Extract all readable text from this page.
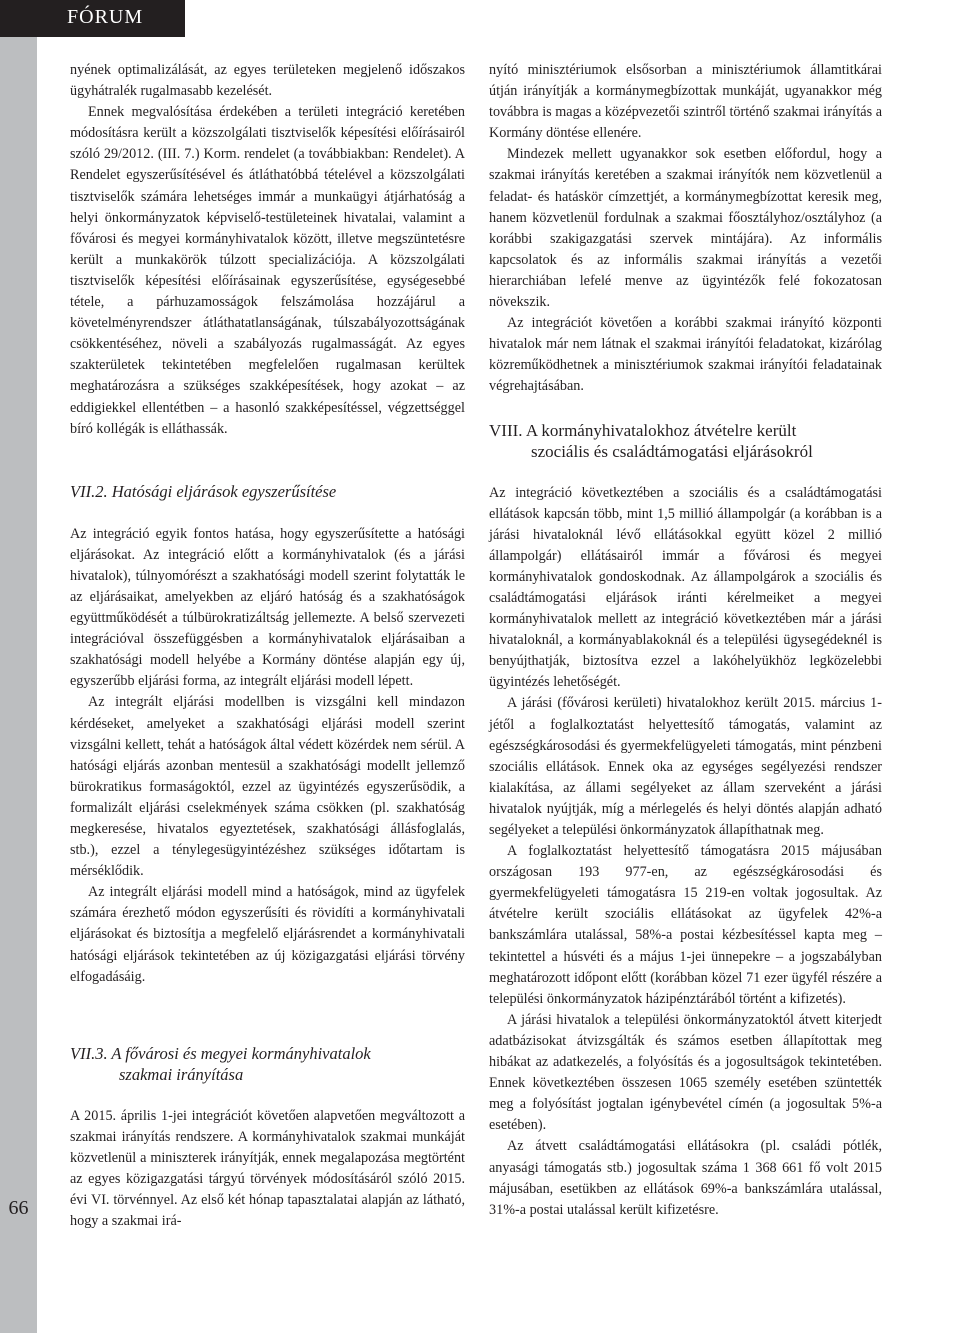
FÓRUM
66

nyének optimalizálását, az egyes területeken megjelenő időszakos ügyhátralék rugalmasabb kezelését.

Ennek megvalósítása érdekében a területi integráció keretében módosításra került a közszolgálati tisztviselők képesítési előírásairól szóló 29/2012. (III. 7.) Korm. rendelet (a továbbiakban: Rendelet). A Rendelet egyszerűsítésével és átláthatóbbá tételével a közszolgálati tisztviselők számára lehetséges immár a munkaügyi átjárhatóság a helyi önkormányzatok képviselő-testületeinek hivatalai, valamint a fővárosi és megyei kormányhivatalok között, illetve megszüntetésre került a munkakörök túlzott specializációja. A közszolgálati tisztviselők képesítési előírásainak egyszerűsítése, egységesebbé tétele, a párhuzamosságok felszámolása hozzájárul a követelményrendszer átláthatatlanságának, túlszabályozottságának csökkentéséhez, növeli a szabályozás rugalmasságát. Az egyes szakterületek tekintetében megfelelően rugalmasan kerültek meghatározásra a szükséges szakképesítések, hogy azokat – az eddigiekkel ellentétben – a hasonló szakképesítéssel, végzettséggel bíró kollégák is elláthassák.

VII.2. Hatósági eljárások egyszerűsítése

Az integráció egyik fontos hatása, hogy egyszerűsítette a hatósági eljárásokat. Az integráció előtt a kormányhivatalok (és a járási hivatalok), túlnyomórészt a szakhatósági modell szerint folytatták le az eljárásaikat, amelyekben az eljáró hatóság és a szakhatóságok együttműködését a túlbürokratizáltság jellemezte. A belső szervezeti integrációval összefüggésben a kormányhivatalok eljárásaiban a szakhatósági modell helyébe a Kormány döntése alapján egy új, egyszerűbb eljárási forma, az integrált eljárási modell lépett.

Az integrált eljárási modellben is vizsgálni kell mindazon kérdéseket, amelyeket a szakhatósági eljárási modell szerint vizsgálni kellett, tehát a hatóságok által védett közérdek nem sérül. A hatósági eljárás azonban mentesül a szakhatósági modellt jellemző bürokratikus formaságoktól, ezzel az ügyintézés egyszerűsödik, a formalizált eljárási cselekmények száma csökken (pl. szakhatóság megkeresése, hivatalos egyeztetések, szakhatósági állásfoglalás, stb.), ezzel a ténylegesügyintézéshez szükséges időtartam is mérséklődik.

Az integrált eljárási modell mind a hatóságok, mind az ügyfelek számára érezhető módon egyszerűsíti és rövidíti a kormányhivatali eljárásokat és biztosítja a megfelelő eljárásrendet a kormányhivatali hatósági eljárások tekintetében az új közigazgatási eljárási törvény elfogadásáig.

VII.3. A fővárosi és megyei kormányhivatalok
szakmai irányítása

A 2015. április 1-jei integrációt követően alapvetően megváltozott a szakmai irányítás rendszere. A kormányhivatalok szakmai munkáját közvetlenül a miniszterek irányítják, ennek megalapozása megtörtént az egyes közigazgatási tárgyú törvények módosításáról szóló 2015. évi VI. törvénnyel. Az első két hónap tapasztalatai alapján az látható, hogy a szakmai irá-

nyító minisztériumok elsősorban a minisztériumok államtitkárai útján irányítják a kormánymegbízottak munkáját, ugyanakkor még továbbra is magas a középvezetői szintről történő szakmai irányítás a Kormány döntése ellenére.

Mindezek mellett ugyanakkor sok esetben előfordul, hogy a szakmai irányítás keretében a szakmai irányítók nem közvetlenül a feladat- és hatáskör címzettjét, a kormánymegbízottat keresik meg, hanem közvetlenül fordulnak a szakmai főosztályhoz/osztályhoz (a korábbi szakigazgatási szervek mintájára). Az informális kapcsolatok és az informális szakmai irányítás a vezetői hierarchiában lefelé menve az ügyintézők felé fokozatosan növekszik.

Az integrációt követően a korábbi szakmai irányító központi hivatalok már nem látnak el szakmai irányítói feladatokat, kizárólag közreműködhetnek a minisztériumok szakmai irányítói feladatainak végrehajtásában.

VIII. A kormányhivatalokhoz átvételre került
szociális és családtámogatási eljárásokról

Az integráció következtében a szociális és a családtámogatási ellátások kapcsán több, mint 1,5 millió állampolgár (a korábban is a járási hivataloknál lévő ellátásokkal együtt közel 2 millió állampolgár) ellátásairól immár a fővárosi és megyei kormányhivatalok gondoskodnak. Az állampolgárok a szociális és családtámogatási eljárások iránti kérelmeiket a megyei kormányhivatalok mellett az integráció következtében már a járási hivataloknál, a kormányablakoknál és a települési ügysegédeknél is benyújthatják, biztosítva ezzel a lakóhelyükhöz legközelebbi ügyintézés lehetőségét.

A járási (fővárosi kerületi) hivatalokhoz került 2015. március 1-jétől a foglalkoztatást helyettesítő támogatás, valamint az egészségkárosodási és gyermekfelügyeleti támogatás, mint pénzbeni szociális ellátások. Ennek oka az egységes segélyezési rendszer kialakítása, az állami segélyeket az állam szerveként a járási hivatalok nyújtják, míg a mérlegelés és helyi döntés alapján adható segélyeket a települési önkormányzatok állapíthatnak meg.

A foglalkoztatást helyettesítő támogatásra 2015 májusában országosan 193 977-en, az egészségkárosodási és gyermekfelügyeleti támogatásra 15 219-en voltak jogosultak. Az átvételre került szociális ellátásokat az ügyfelek 42%-a bankszámlára utalással, 58%-a postai kézbesítéssel kapta meg – tekintettel a húsvéti és a május 1-jei ünnepekre – a jogszabályban meghatározott időpont előtt (korábban közel 71 ezer ügyfél részére a települési önkormányzatok házipénztárából történt a kifizetés).

A járási hivatalok a települési önkormányzatoktól átvett kiterjedt adatbázisokat átvizsgálták és számos esetben állapítottak meg hibákat az adatkezelés, a folyósítás és a jogosultságok tekintetében. Ennek következtében összesen 1065 személy esetében szüntették meg a folyósítást jogtalan igénybevétel címén (a jogosultak 5%-a esetében).

Az átvett családtámogatási ellátásokra (pl. családi pótlék, anyasági támogatás stb.) jogosultak száma 1 368 661 fő volt 2015 májusában, esetükben az ellátások 69%-a bankszámlára utalással, 31%-a postai utalással került kifizetésre.
